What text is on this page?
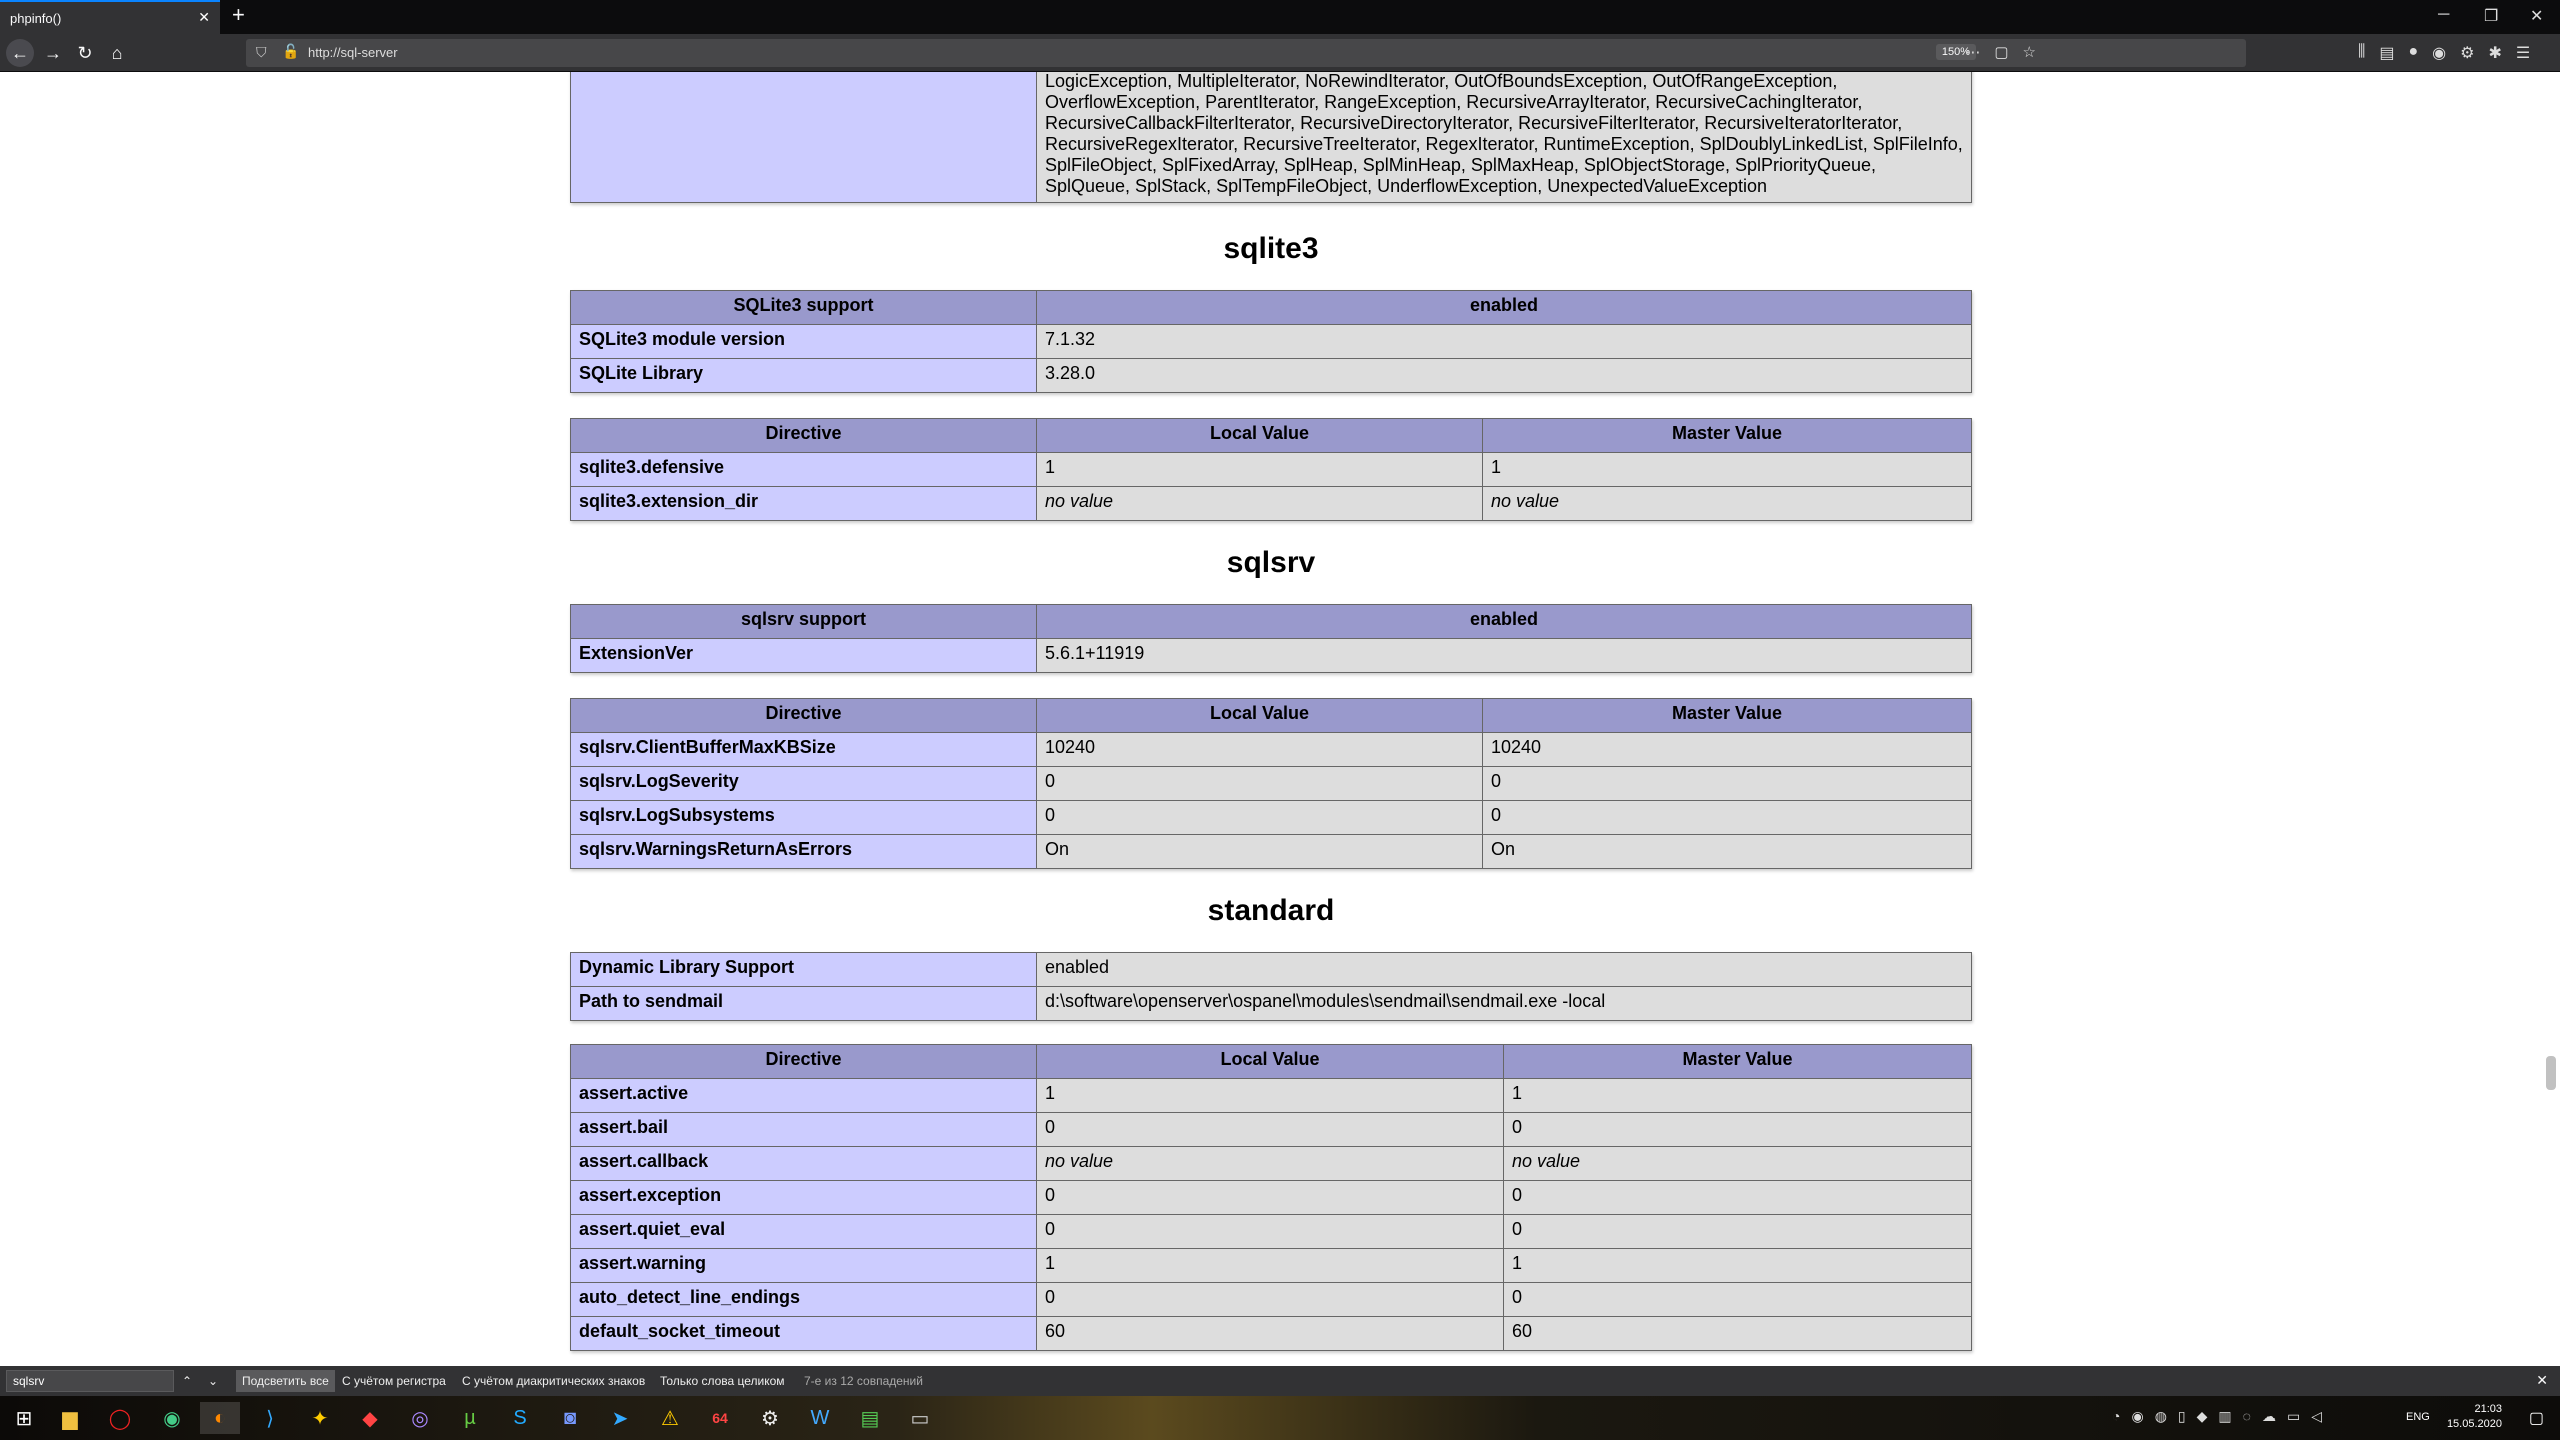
phpinfo()	✕ +	─ ❐ ✕
← → ↻	⌂	⛉ 🔓 http://sql-server	150%
⋯▢☆	⫼ ▤ ● ◉ ⚙ ✱ ☰
	LogicException, MultipleIterator, NoRewindIterator, OutOfBoundsException, OutOfRangeException, OverflowException, ParentIterator, RangeException, RecursiveArrayIterator, RecursiveCachingIterator, RecursiveCallbackFilterIterator, RecursiveDirectoryIterator, RecursiveFilterIterator, RecursiveIteratorIterator, RecursiveRegexIterator, RecursiveTreeIterator, RegexIterator, RuntimeException, SplDoublyLinkedList, SplFileInfo, SplFileObject, SplFixedArray, SplHeap, SplMinHeap, SplMaxHeap, SplObjectStorage, SplPriorityQueue, SplQueue, SplStack, SplTempFileObject, UnderflowException, UnexpectedValueException
sqlite3
SQLite3 support	enabled
SQLite3 module version	7.1.32
SQLite Library	3.28.0
Directive	Local Value	Master Value
sqlite3.defensive	1	1
sqlite3.extension_dir	no value	no value
sqlsrv
sqlsrv support	enabled
ExtensionVer	5.6.1+11919
Directive	Local Value	Master Value
sqlsrv.ClientBufferMaxKBSize	10240	10240
sqlsrv.LogSeverity	0	0
sqlsrv.LogSubsystems	0	0
sqlsrv.WarningsReturnAsErrors	On	On
standard
Dynamic Library Support	enabled
Path to sendmail	d:\software\openserver\ospanel\modules\sendmail\sendmail.exe -local
Directive	Local Value	Master Value
assert.active	1	1
assert.bail	0	0
assert.callback	no value	no value
assert.exception	0	0
assert.quiet_eval	0	0
assert.warning	1	1
auto_detect_line_endings	0	0
default_socket_timeout	60	60
sqlsrv	⌃	⌄	Подсветить все	С учётом регистра	С учётом диакритических знаков	Только слова целиком	7-е из 12 совпадений	✕
⊞	▆	◯	◉	◐	⟩	✦	◆	◎	µ	S	◙	➤	⚠	64	⚙	W	▤	▭	◔ ◉ ◍ ▯ ◆ ▥ ◌ ☁ ▭ ◁	ENG
21:03
15.05.2020 ▢
